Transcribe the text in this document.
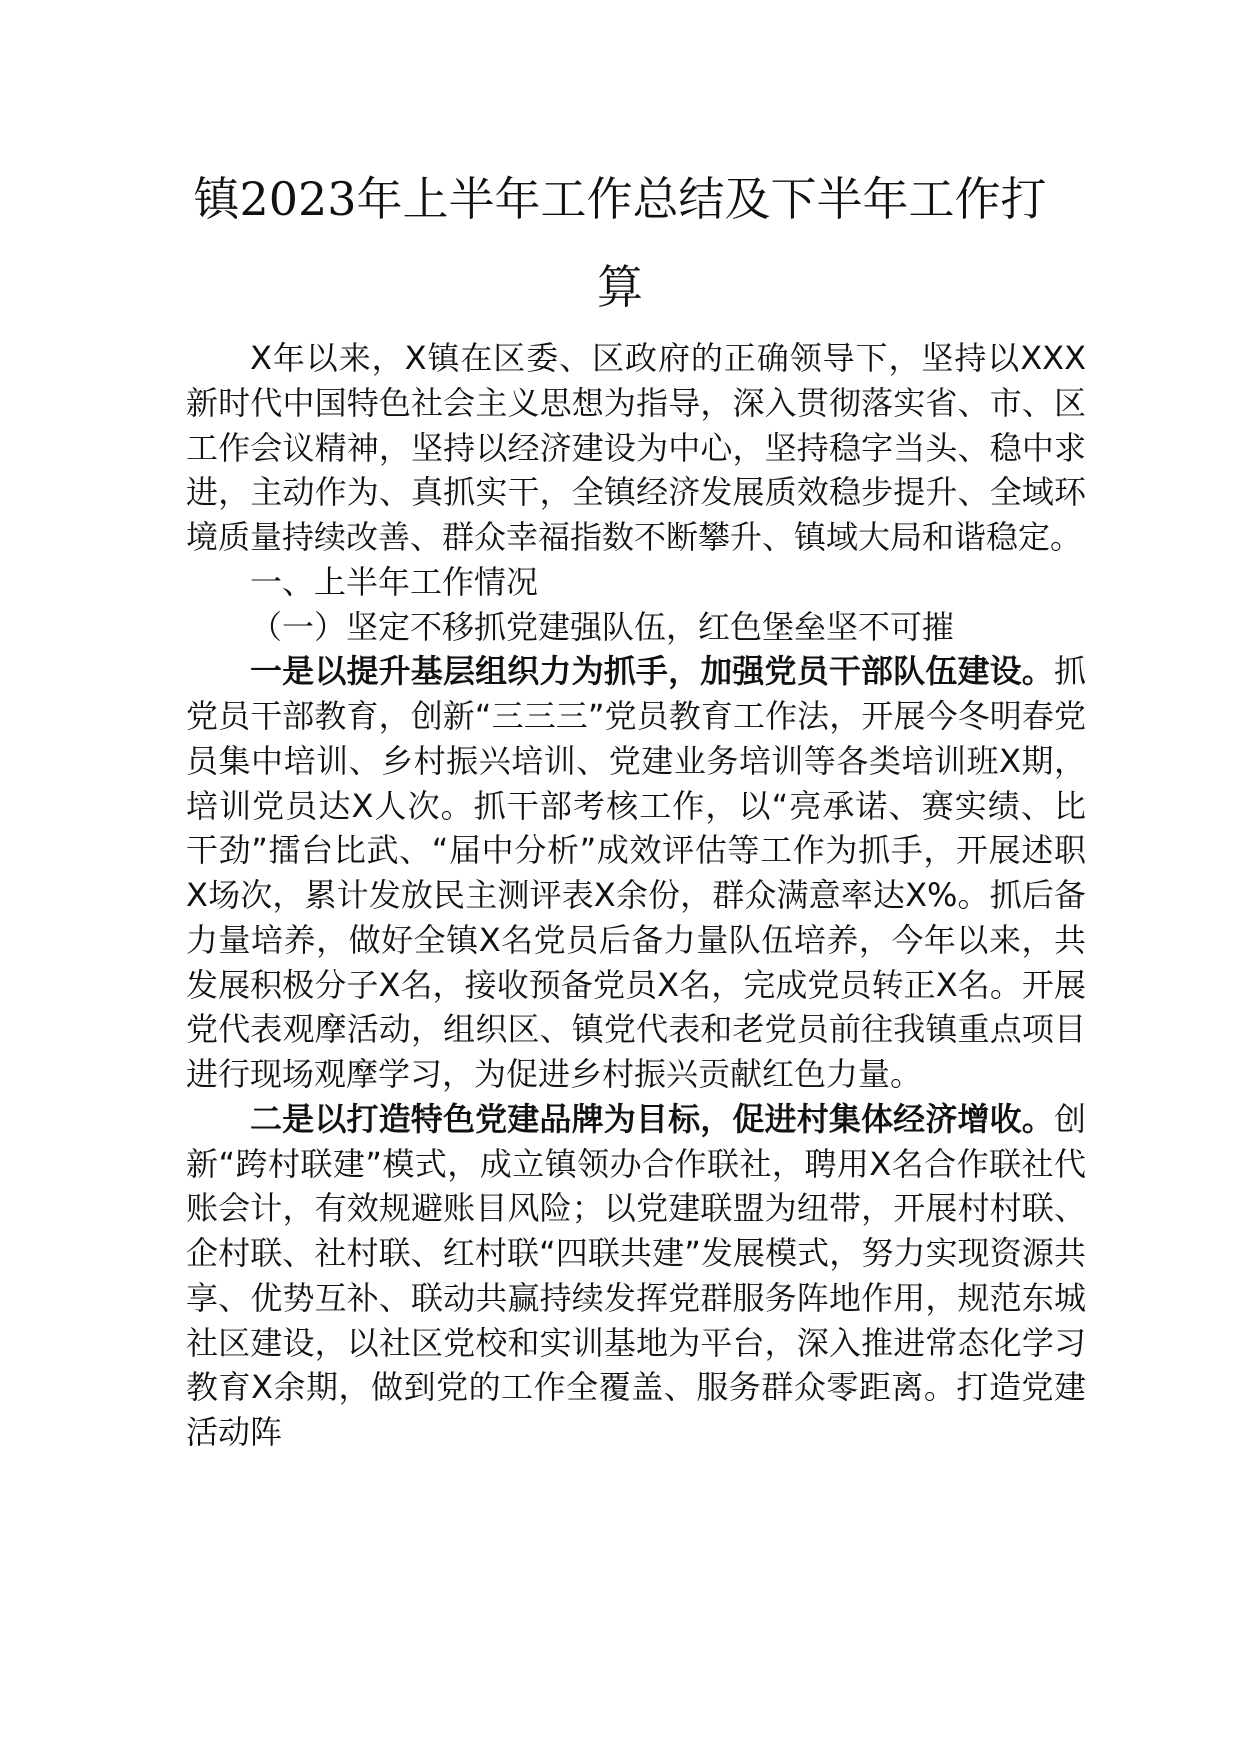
镇2023年上半年工作总结及下半年工作打
算

X年以来，X镇在区委、区政府的正确领导下，坚持以XXX新时代中国特色社会主义思想为指导，深入贯彻落实省、市、区工作会议精神，坚持以经济建设为中心，坚持稳字当头、稳中求进，主动作为、真抓实干，全镇经济发展质效稳步提升、全域环境质量持续改善、群众幸福指数不断攀升、镇域大局和谐稳定。

一、上半年工作情况

（一）坚定不移抓党建强队伍，红色堡垒坚不可摧

一是以提升基层组织力为抓手，加强党员干部队伍建设。抓党员干部教育，创新“三三三”党员教育工作法，开展今冬明春党员集中培训、乡村振兴培训、党建业务培训等各类培训班X期，培训党员达X人次。抓干部考核工作，以“亮承诺、赛实绩、比干劲”擂台比武、“届中分析”成效评估等工作为抓手，开展述职X场次，累计发放民主测评表X余份，群众满意率达X%。抓后备力量培养，做好全镇X名党员后备力量队伍培养，今年以来，共发展积极分子X名，接收预备党员X名，完成党员转正X名。开展党代表观摩活动，组织区、镇党代表和老党员前往我镇重点项目进行现场观摩学习，为促进乡村振兴贡献红色力量。

二是以打造特色党建品牌为目标，促进村集体经济增收。创新“跨村联建”模式，成立镇领办合作联社，聘用X名合作联社代账会计，有效规避账目风险；以党建联盟为纽带，开展村村联、企村联、社村联、红村联“四联共建”发展模式，努力实现资源共享、优势互补、联动共赢持续发挥党群服务阵地作用，规范东城社区建设，以社区党校和实训基地为平台，深入推进常态化学习教育X余期，做到党的工作全覆盖、服务群众零距离。打造党建活动阵
